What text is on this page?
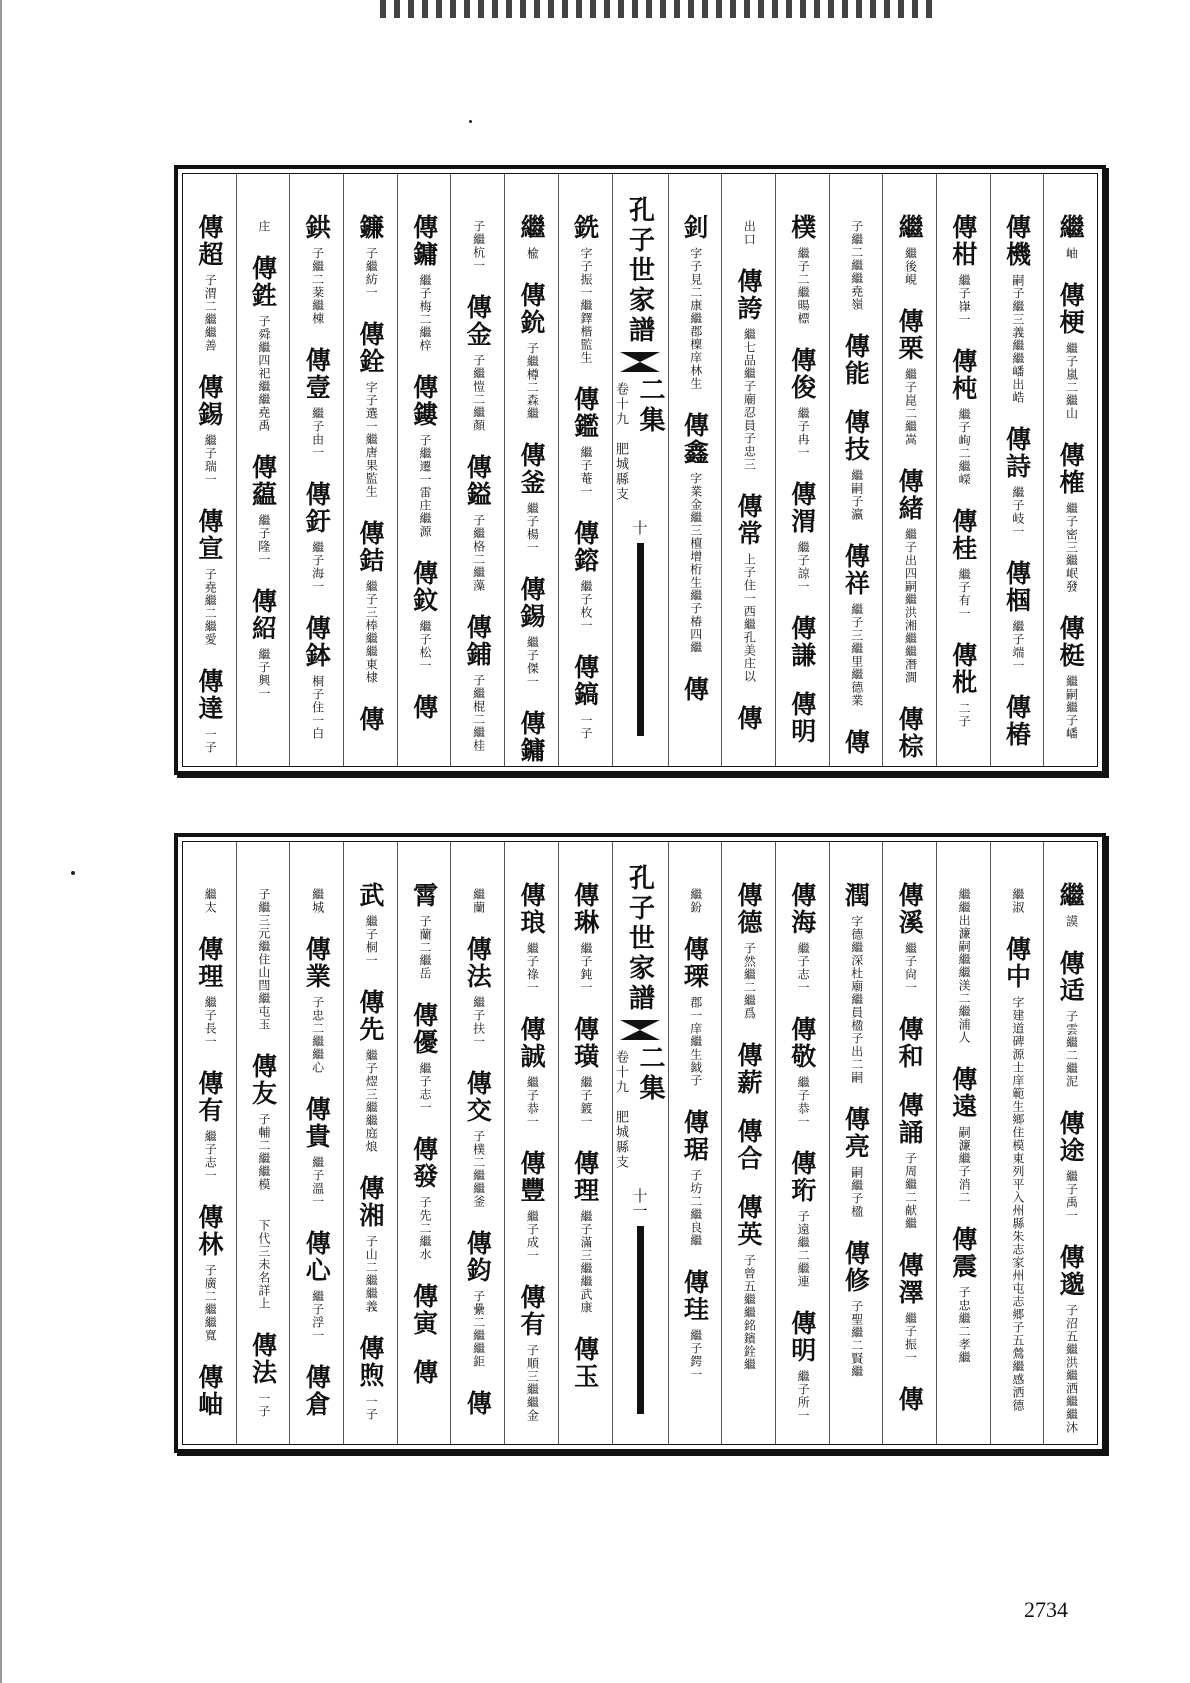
繼
岫
傳梗
繼子嵐二繼山
傳榷
繼子密三繼岷發
傳梃
繼嗣繼子嶓
傳機
嗣子繼三義繼繼嶓出峼
傳詩
繼子岐一
傳椢
繼子端一
傳椿
傳柑
繼子嵂一
傳杶
繼子峋二繼嶸
傳桂
繼子有一
傳枇
二子
繼
繼後峴
傳栗
繼子崑二繼嵩
傳緒
繼子出四嗣繼洪湘繼繼潛澗
傳棕
子繼二繼繼堯嶺
傳能
傳技
繼嗣子瀛
傳祥
繼子三繼里繼德業
傳
樸
繼子二繼暘標
傳俊
繼子冉一
傳渭
繼子諒一
傳謙
傳明
出口
傳誇
繼七品繼子廟忍員子忠三
傳常
上子住一西繼孔美庄以
傳
釗
字子見二康繼郡檁庠林生
傳鑫
字業金繼三檀增桁生繼子椿四繼
傳
孔子世家譜
二集
卷十九　肥城縣支
十
銑
字子振一繼鐸楷監生
傳鑑
繼子菴一
傳鎔
繼子枚一
傳鎬
一子
繼
楡
傳鈗
子繼樽二森繼
傳釜
繼子楊一
傳錫
繼子傑一
傳鏞
子繼杭一
傳金
子繼愷二繼顏
傳鎰
子繼格二繼藻
傳鋪
子繼棍二繼桂
傳鏞
繼子梅二繼梓
傳鏤
子繼遷一雷庄繼源
傳鈫
繼子松一
傳
鐮
子繼紡一
傳銓
字子選一繼唐果監生
傳銡
繼子三棒繼繼東棣
傳
鉷
子繼二棻繼棟
傳壹
繼子由一
傳釪
繼子海一
傳鉢
桐子住一白
庄
傳鉎
子舜繼四祀繼繼堯禹
傳藴
繼子隆一
傳紹
繼子興一
傳超
子渭二繼繼善
傳錫
繼子瑞一
傳宣
子堯繼二繼愛
傳達
一子
繼
謨
傳适
子雲繼二繼泥
傳途
繼子禹一
傳邈
子沼五繼洪繼洒繼繼沐
繼淑
傳中
字建道碑源士庠範生鄉住模東列平入州縣朱志家州屯志郷子五鶯繼感洒德
繼繼出濂嗣繼繼渼二繼浦人
傳遠
嗣濂繼子消二
傳震
子忠繼二孝繼
傳溪
繼子尙一
傳和
傳誦
子周繼二献繼
傳澤
繼子振一
傳
潤
字德繼深杜廟繼員楹子出二嗣
傳亮
嗣繼子楹
傳修
子聖繼二賢繼
傳海
繼子志一
傳敬
繼子恭一
傳珩
子遠繼二繼連
傳明
繼子所一
傳德
子然繼二繼爲
傳薪
傳合
傳英
子曾五繼繼銘鑌銓繼
繼鈖
傳瑮
郡一庠繼生鉞子
傳琚
子坊二繼良繼
傳珪
繼子鍔一
孔子世家譜
二集
卷十九　肥城縣支
十一
傳琳
繼子鈍一
傳璜
繼子鍍一
傳理
繼子滿三繼繼武康
傳玉
傳琅
繼子祿一
傳誠
繼子恭一
傳豐
繼子成一
傳有
子順三繼繼金
繼蘭
傳法
繼子扶一
傳交
子樸二繼繼釜
傳鈞
子纍二繼繼鉅
傳
霄
子蘭二繼岳
傳優
繼子志一
傳發
子先二繼水
傳寅
傳
武
繼子桐一
傳先
繼子熤三繼繼庭烺
傳湘
子山二繼繼義
傳煦
一子
繼城
傳業
子忠二繼繼心
傳貴
繼子溫一
傳心
繼子浮一
傳倉
子繼三元繼住山閆繼屯玉
傳友
子輔二繼繼模
下代三未名詳上
傳法
一子
繼太
傳理
繼子長一
傳有
繼子志一
傳林
子廣二繼繼寬
傳岫
2734
